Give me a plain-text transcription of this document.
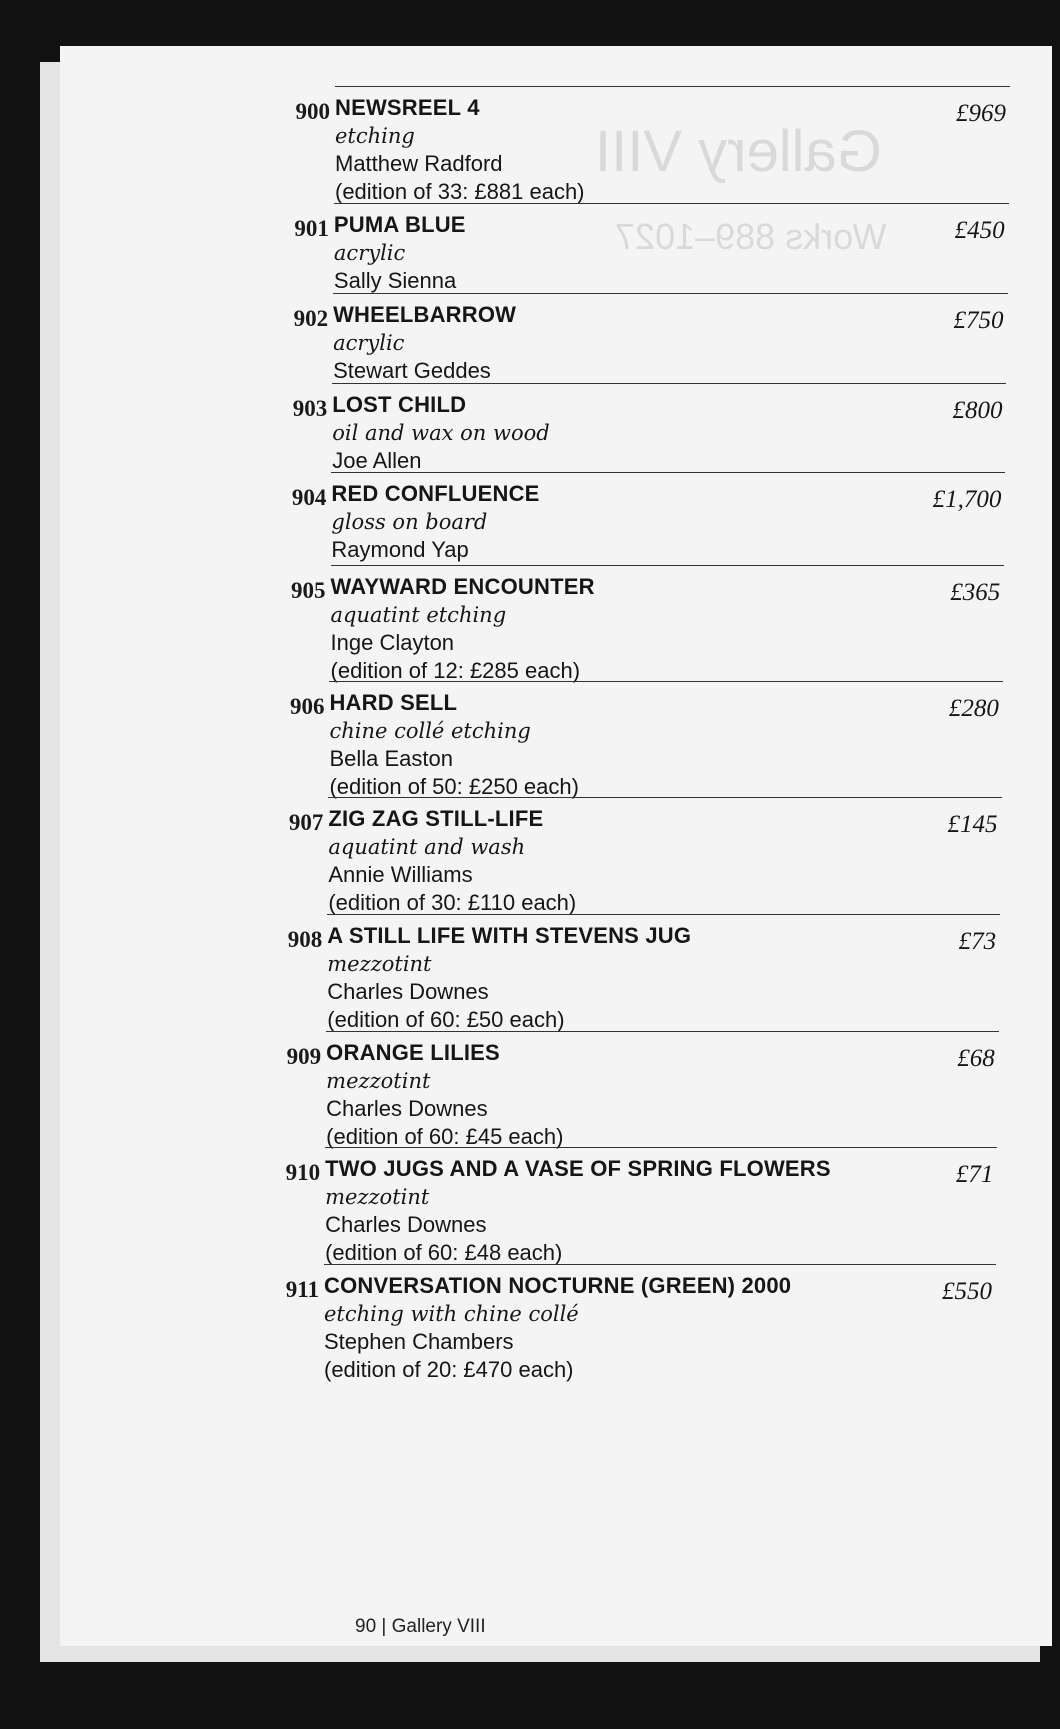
Gallery VIII
Works 889–1027
900 NEWSREEL 4
etching
Matthew Radford
(edition of 33: £881 each)
£969
901 PUMA BLUE
acrylic
Sally Sienna
£450
902 WHEELBARROW
acrylic
Stewart Geddes
£750
903 LOST CHILD
oil and wax on wood
Joe Allen
£800
904 RED CONFLUENCE
gloss on board
Raymond Yap
£1,700
905 WAYWARD ENCOUNTER
aquatint etching
Inge Clayton
(edition of 12: £285 each)
£365
906 HARD SELL
chine collé etching
Bella Easton
(edition of 50: £250 each)
£280
907 ZIG ZAG STILL-LIFE
aquatint and wash
Annie Williams
(edition of 30: £110 each)
£145
908 A STILL LIFE WITH STEVENS JUG
mezzotint
Charles Downes
(edition of 60: £50 each)
£73
909 ORANGE LILIES
mezzotint
Charles Downes
(edition of 60: £45 each)
£68
910 TWO JUGS AND A VASE OF SPRING FLOWERS
mezzotint
Charles Downes
(edition of 60: £48 each)
£71
911 CONVERSATION NOCTURNE (GREEN) 2000
etching with chine collé
Stephen Chambers
(edition of 20: £470 each)
£550
90 | Gallery VIII
